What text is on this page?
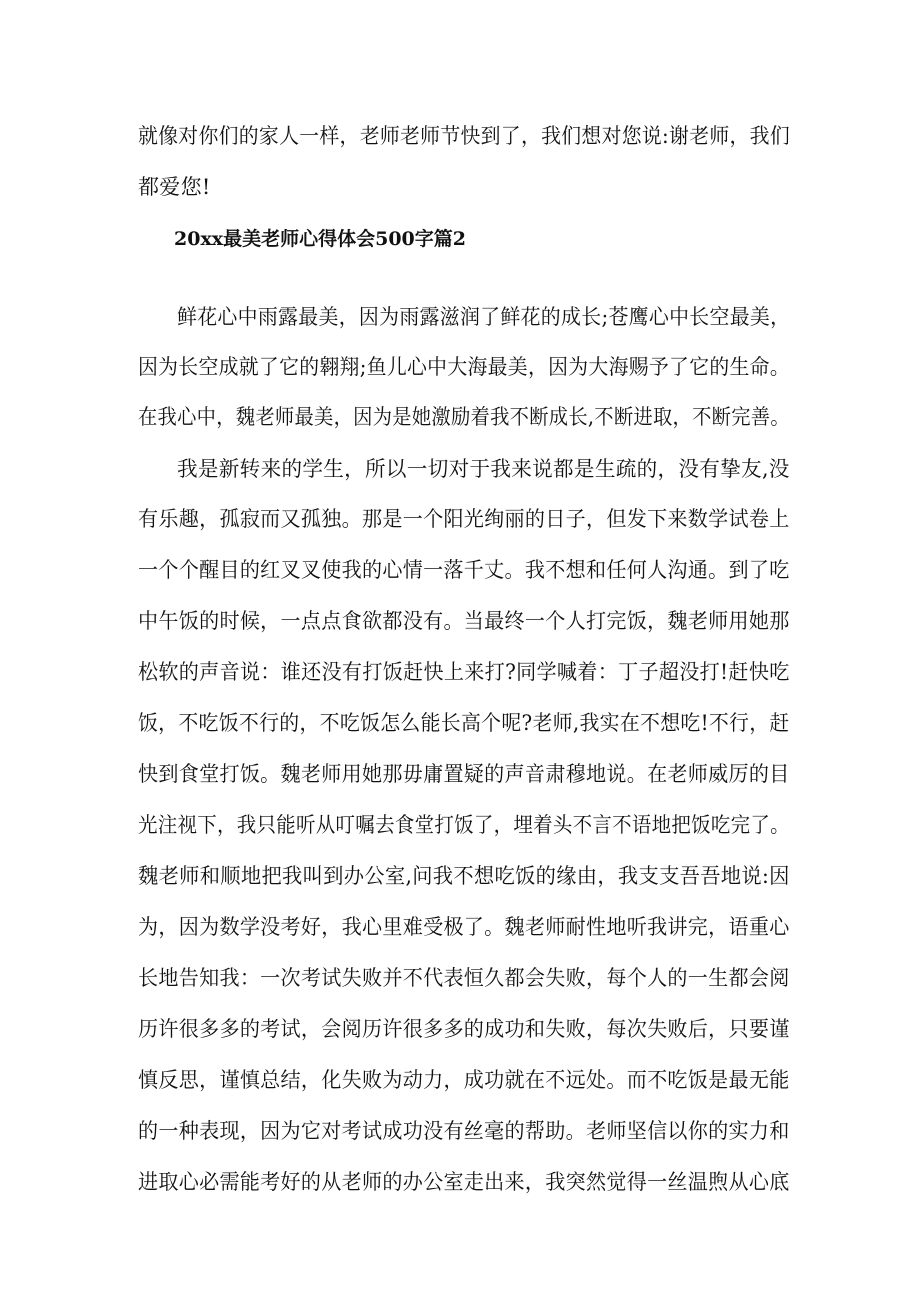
就像对你们的家人一样，老师老师节快到了，我们想对您说:谢老师，我们
都爱您!
20xx最美老师心得体会500字篇2
鲜花心中雨露最美，因为雨露滋润了鲜花的成长;苍鹰心中长空最美，
因为长空成就了它的翱翔;鱼儿心中大海最美，因为大海赐予了它的生命。
在我心中，魏老师最美，因为是她激励着我不断成长,不断进取，不断完善。
我是新转来的学生，所以一切对于我来说都是生疏的，没有挚友,没
有乐趣，孤寂而又孤独。那是一个阳光绚丽的日子，但发下来数学试卷上
一个个醒目的红叉叉使我的心情一落千丈。我不想和任何人沟通。到了吃
中午饭的时候，一点点食欲都没有。当最终一个人打完饭，魏老师用她那
松软的声音说：谁还没有打饭赶快上来打?同学喊着：丁子超没打!赶快吃
饭，不吃饭不行的，不吃饭怎么能长高个呢?老师,我实在不想吃!不行，赶
快到食堂打饭。魏老师用她那毋庸置疑的声音肃穆地说。在老师威厉的目
光注视下，我只能听从叮嘱去食堂打饭了，埋着头不言不语地把饭吃完了。
魏老师和顺地把我叫到办公室,问我不想吃饭的缘由，我支支吾吾地说:因
为，因为数学没考好，我心里难受极了。魏老师耐性地听我讲完，语重心
长地告知我：一次考试失败并不代表恒久都会失败，每个人的一生都会阅
历许很多多的考试，会阅历许很多多的成功和失败，每次失败后，只要谨
慎反思，谨慎总结，化失败为动力，成功就在不远处。而不吃饭是最无能
的一种表现，因为它对考试成功没有丝毫的帮助。老师坚信以你的实力和
进取心必需能考好的从老师的办公室走出来，我突然觉得一丝温煦从心底
